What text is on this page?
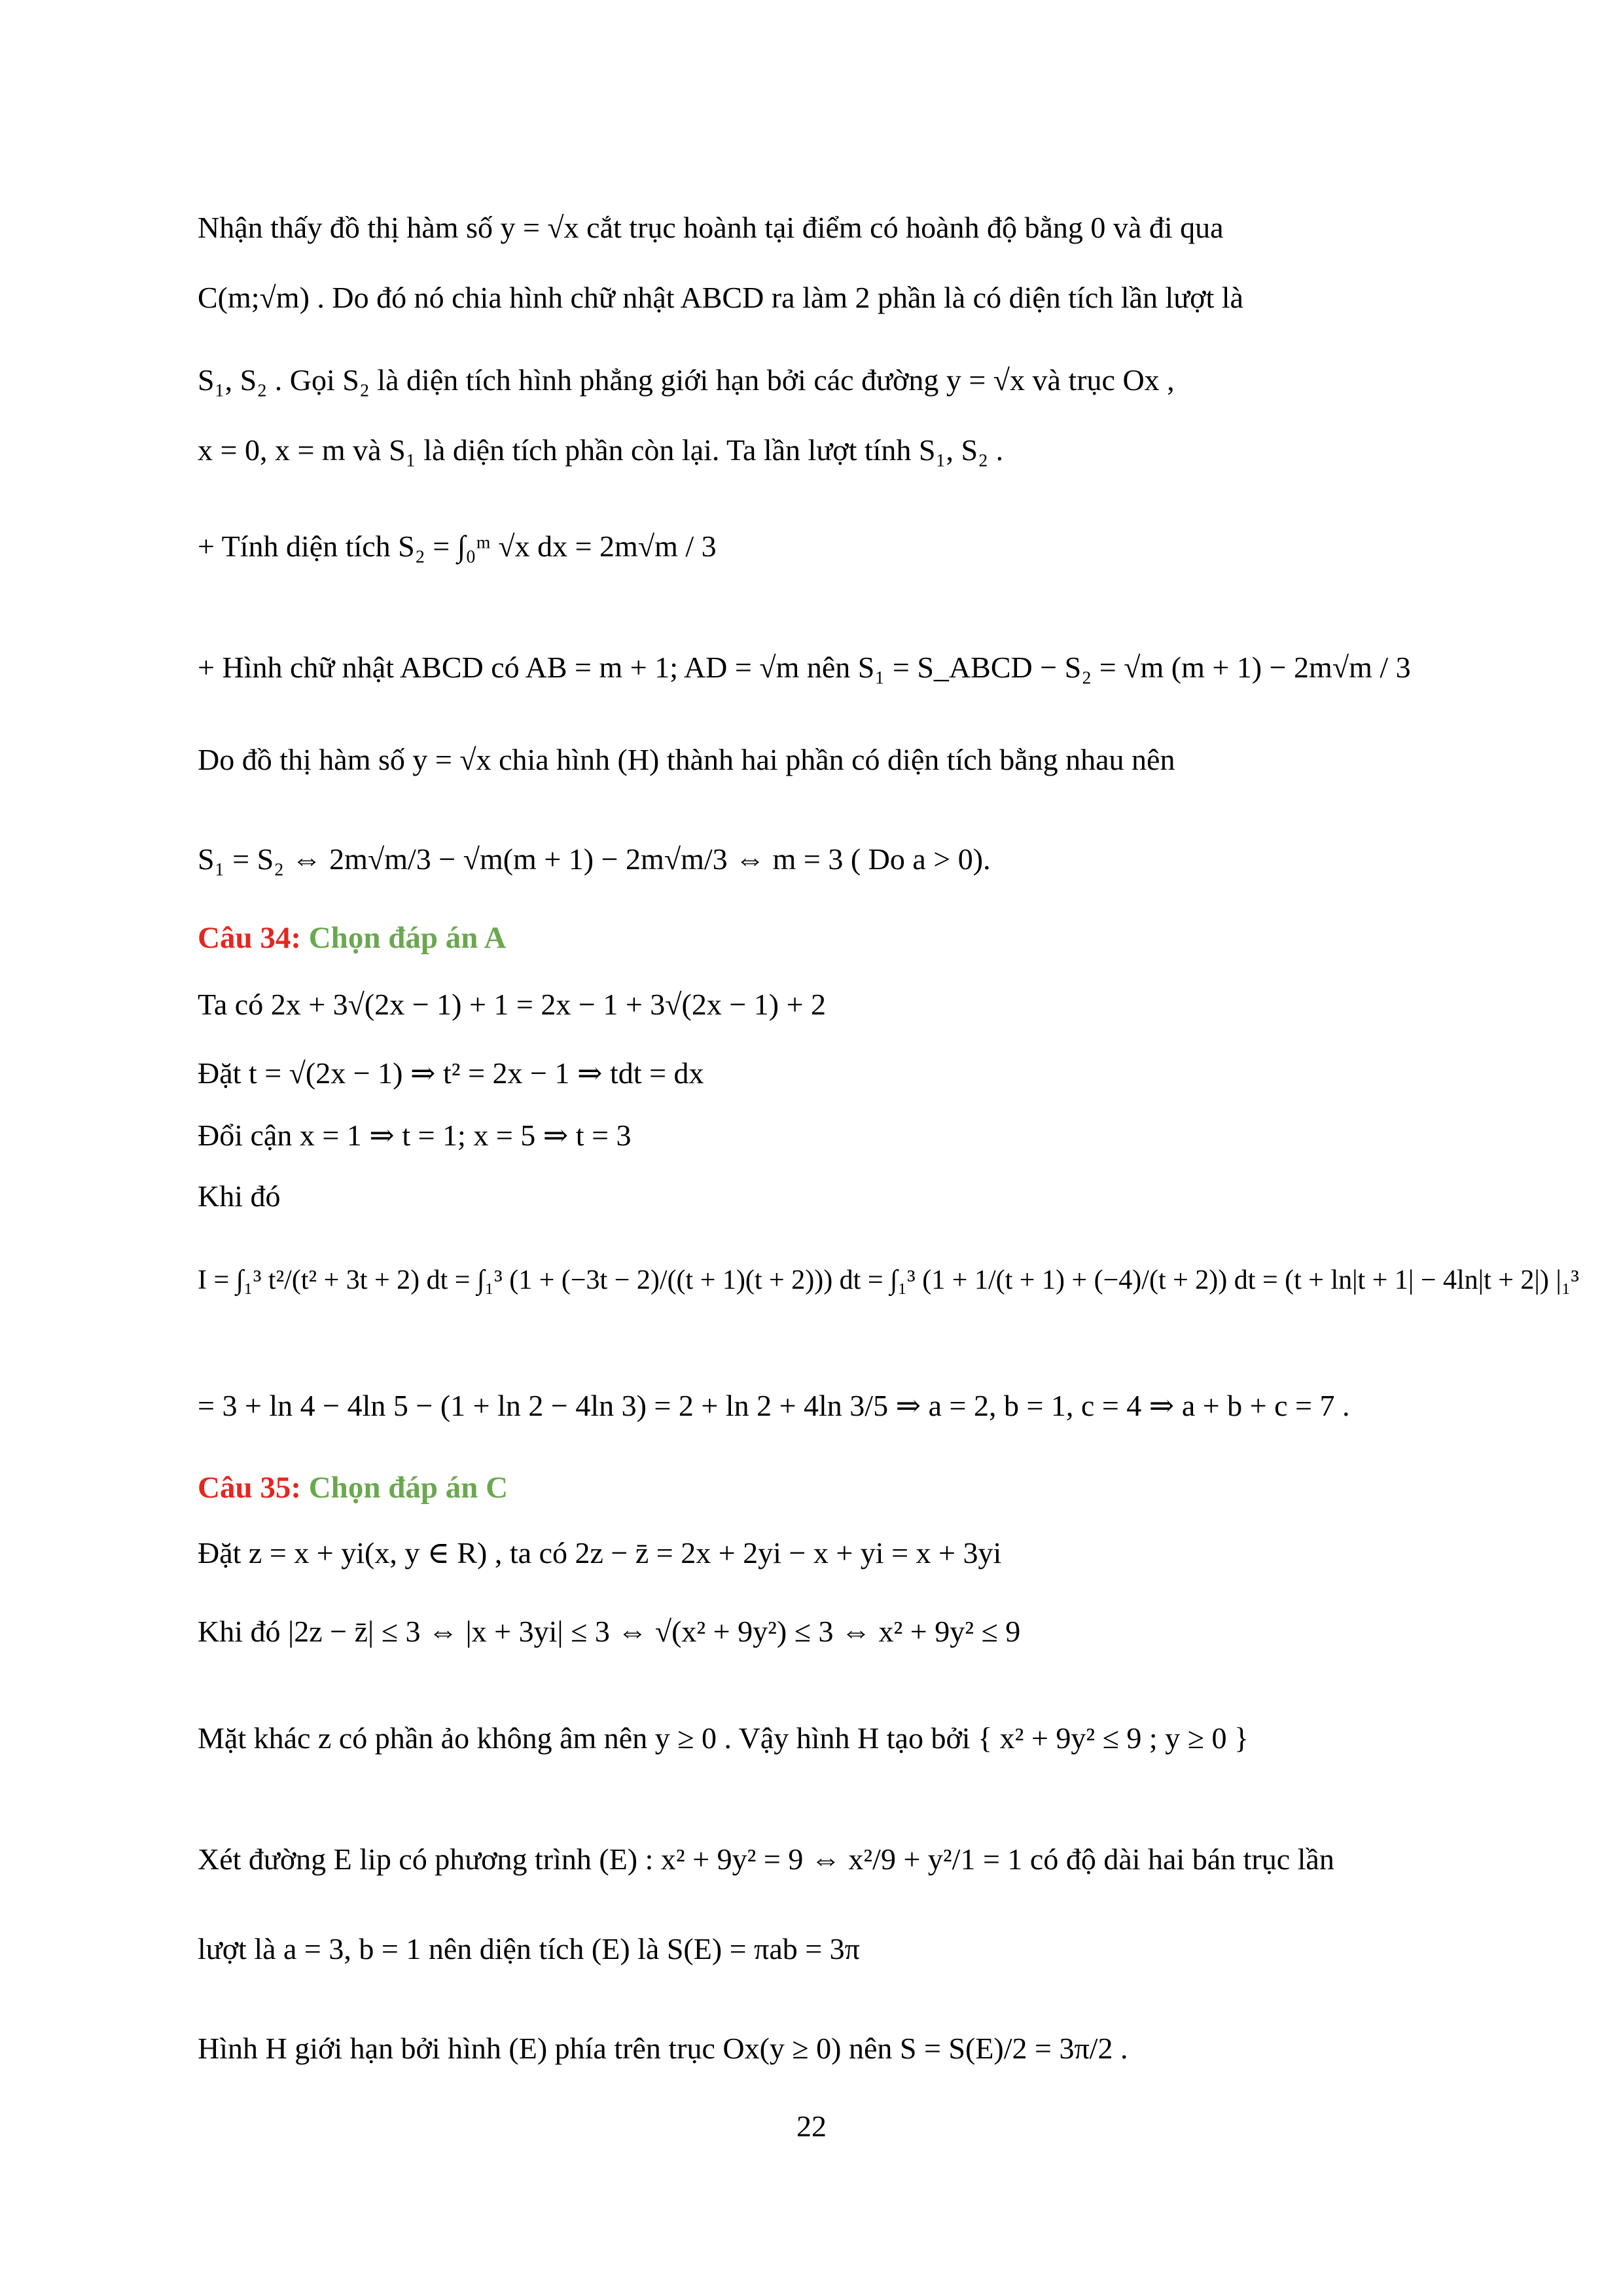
Nhận thấy đồ thị hàm số y = √x cắt trục hoành tại điểm có hoành độ bằng 0 và đi qua
C(m;√m) . Do đó nó chia hình chữ nhật ABCD ra làm 2 phần là có diện tích lần lượt là
S₁, S₂ . Gọi S₂ là diện tích hình phẳng giới hạn bởi các đường y = √x và trục Ox ,
x = 0, x = m và S₁ là diện tích phần còn lại. Ta lần lượt tính S₁, S₂ .
+ Tính diện tích S₂ = ∫₀ᵐ √x dx = 2m√m / 3
+ Hình chữ nhật ABCD có AB = m + 1; AD = √m nên S₁ = S_ABCD − S₂ = √m (m + 1) − 2m√m / 3
Do đồ thị hàm số y = √x chia hình (H) thành hai phần có diện tích bằng nhau nên
S₁ = S₂ ⇔ 2m√m/3 − √m(m + 1) − 2m√m/3 ⇔ m = 3 ( Do a > 0).
Câu 34: Chọn đáp án A
Ta có 2x + 3√(2x − 1) + 1 = 2x − 1 + 3√(2x − 1) + 2
Đặt t = √(2x − 1) ⇒ t² = 2x − 1 ⇒ tdt = dx
Đổi cận x = 1 ⇒ t = 1; x = 5 ⇒ t = 3
Khi đó
I = ∫₁³ t²/(t² + 3t + 2) dt = ∫₁³ (1 + (−3t − 2)/((t + 1)(t + 2))) dt = ∫₁³ (1 + 1/(t + 1) + (−4)/(t + 2)) dt = (t + ln|t + 1| − 4ln|t + 2|) |₁³
= 3 + ln 4 − 4ln 5 − (1 + ln 2 − 4ln 3) = 2 + ln 2 + 4ln 3/5 ⇒ a = 2, b = 1, c = 4 ⇒ a + b + c = 7 .
Câu 35: Chọn đáp án C
Đặt z = x + yi(x, y ∈ R) , ta có 2z − z̄ = 2x + 2yi − x + yi = x + 3yi
Khi đó |2z − z̄| ≤ 3 ⇔ |x + 3yi| ≤ 3 ⇔ √(x² + 9y²) ≤ 3 ⇔ x² + 9y² ≤ 9
Mặt khác z có phần ảo không âm nên y ≥ 0 . Vậy hình H tạo bởi { x² + 9y² ≤ 9 ; y ≥ 0 }
Xét đường E lip có phương trình (E) : x² + 9y² = 9 ⇔ x²/9 + y²/1 = 1 có độ dài hai bán trục lần
lượt là a = 3, b = 1 nên diện tích (E) là S(E) = πab = 3π
Hình H giới hạn bởi hình (E) phía trên trục Ox(y ≥ 0) nên S = S(E)/2 = 3π/2 .
22
